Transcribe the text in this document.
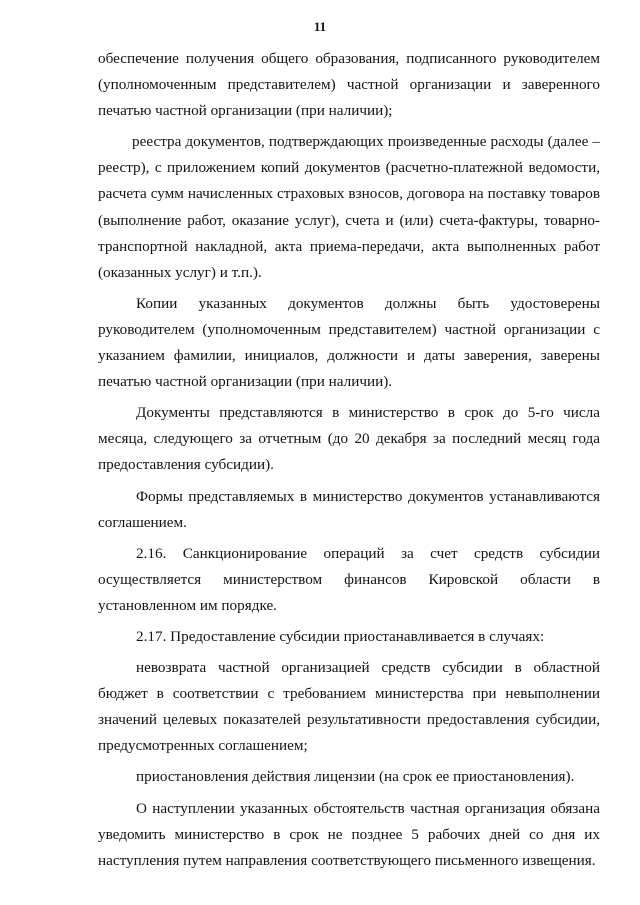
11
обеспечение получения общего образования, подписанного руководителем
(уполномоченным представителем) частной организации и заверенного
печатью частной организации (при наличии);
реестра документов, подтверждающих произведенные расходы (далее –
реестр), с приложением копий документов (расчетно-платежной ведомости,
расчета сумм начисленных страховых взносов, договора на поставку товаров
(выполнение работ, оказание услуг), счета и (или) счета-фактуры, товарно-
транспортной накладной, акта приема-передачи, акта выполненных работ
(оказанных услуг) и т.п.).
Копии указанных документов должны быть удостоверены
руководителем (уполномоченным представителем) частной организации с
указанием фамилии, инициалов, должности и даты заверения, заверены
печатью частной организации (при наличии).
Документы представляются в министерство в срок до 5-го числа
месяца, следующего за отчетным (до 20 декабря за последний месяц года
предоставления субсидии).
Формы представляемых в министерство документов устанавливаются
соглашением.
2.16. Санкционирование операций за счет средств субсидии
осуществляется министерством финансов Кировской области в
установленном им порядке.
2.17. Предоставление субсидии приостанавливается в случаях:
невозврата частной организацией средств субсидии в областной
бюджет в соответствии с требованием министерства при невыполнении
значений целевых показателей результативности предоставления субсидии,
предусмотренных соглашением;
приостановления действия лицензии (на срок ее приостановления).
О наступлении указанных обстоятельств частная организация обязана
уведомить министерство в срок не позднее 5 рабочих дней со дня их
наступления путем направления соответствующего письменного извещения.
